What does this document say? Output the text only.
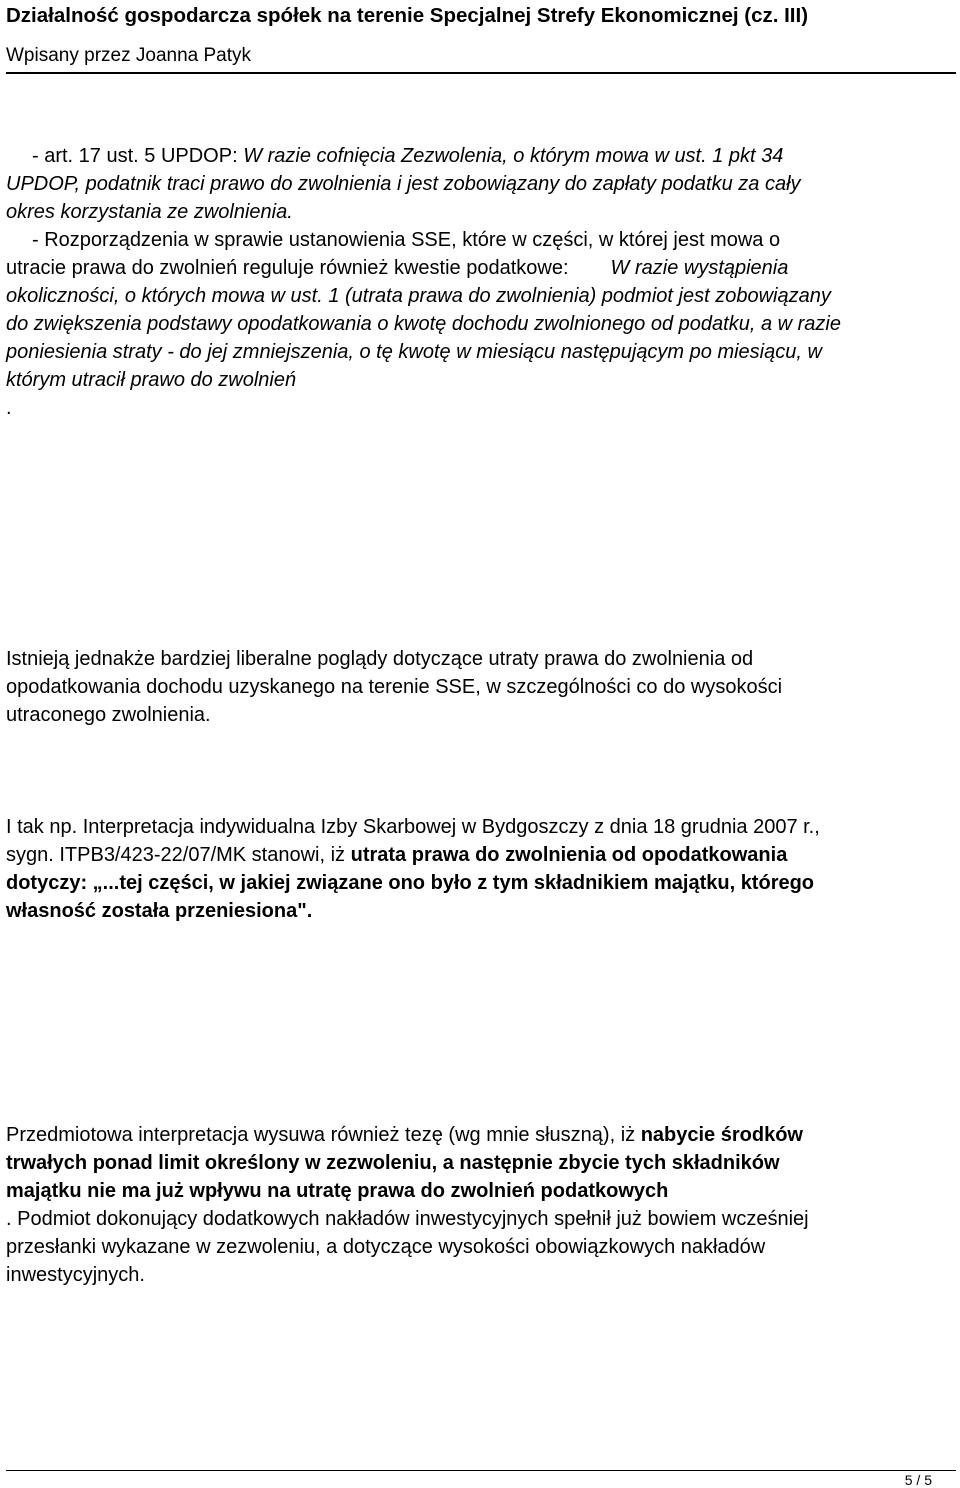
Działalność gospodarcza spółek na terenie Specjalnej Strefy Ekonomicznej (cz. III)
Wpisany przez Joanna Patyk

- art. 17 ust. 5 UPDOP: W razie cofnięcia Zezwolenia, o którym mowa w ust. 1 pkt 34

UPDOP, podatnik traci prawo do zwolnienia i jest zobowiązany do zapłaty podatku za cały

okres korzystania ze zwolnienia.

- Rozporządzenia w sprawie ustanowienia SSE, które w części, w której jest mowa o

utracie prawa do zwolnień reguluje również kwestie podatkowe: W razie wystąpienia

okoliczności, o których mowa w ust. 1 (utrata prawa do zwolnienia) podmiot jest zobowiązany

do zwiększenia podstawy opodatkowania o kwotę dochodu zwolnionego od podatku, a w razie

poniesienia straty - do jej zmniejszenia, o tę kwotę w miesiącu następującym po miesiącu, w

którym utracił prawo do zwolnień

.

Istnieją jednakże bardziej liberalne poglądy dotyczące utraty prawa do zwolnienia od

opodatkowania dochodu uzyskanego na terenie SSE, w szczególności co do wysokości

utraconego zwolnienia.

I tak np. Interpretacja indywidualna Izby Skarbowej w Bydgoszczy z dnia 18 grudnia 2007 r.,

sygn. ITPB3/423-22/07/MK stanowi, iż utrata prawa do zwolnienia od opodatkowania

dotyczy: „...tej części, w jakiej związane ono było z tym składnikiem majątku, którego

własność została przeniesiona".

Przedmiotowa interpretacja wysuwa również tezę (wg mnie słuszną), iż nabycie środków

trwałych ponad limit określony w zezwoleniu, a następnie zbycie tych składników

majątku nie ma już wpływu na utratę prawa do zwolnień podatkowych

. Podmiot dokonujący dodatkowych nakładów inwestycyjnych spełnił już bowiem wcześniej

przesłanki wykazane w zezwoleniu, a dotyczące wysokości obowiązkowych nakładów

inwestycyjnych.

5 / 5
